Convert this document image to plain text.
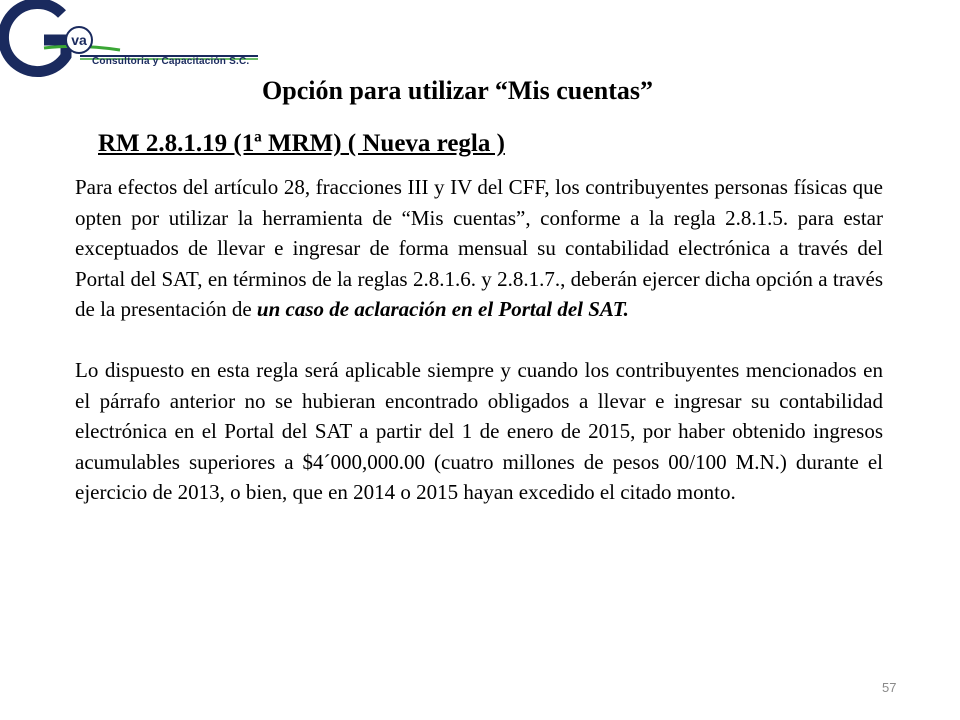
va
Consultoría y Capacitación S.C.
Opción para utilizar “Mis cuentas”
RM 2.8.1.19 (1ª MRM) ( Nueva regla )

Para efectos del artículo 28, fracciones III y IV del CFF, los contribuyentes personas físicas que opten por utilizar la herramienta de “Mis cuentas”, conforme a la regla 2.8.1.5. para estar exceptuados de llevar e ingresar de forma mensual su contabilidad electrónica a través del Portal del SAT, en términos de la reglas 2.8.1.6. y 2.8.1.7., deberán ejercer dicha opción a través de la presentación de un caso de aclaración en el Portal del SAT.

Lo dispuesto en esta regla será aplicable siempre y cuando los contribuyentes mencionados en el párrafo anterior no se hubieran encontrado obligados a llevar e ingresar su contabilidad electrónica en el Portal del SAT a partir del 1 de enero de 2015, por haber obtenido ingresos acumulables superiores a $4´000,000.00 (cuatro millones de pesos 00/100 M.N.) durante el ejercicio de 2013, o bien, que en 2014 o 2015 hayan excedido el citado monto.

57
